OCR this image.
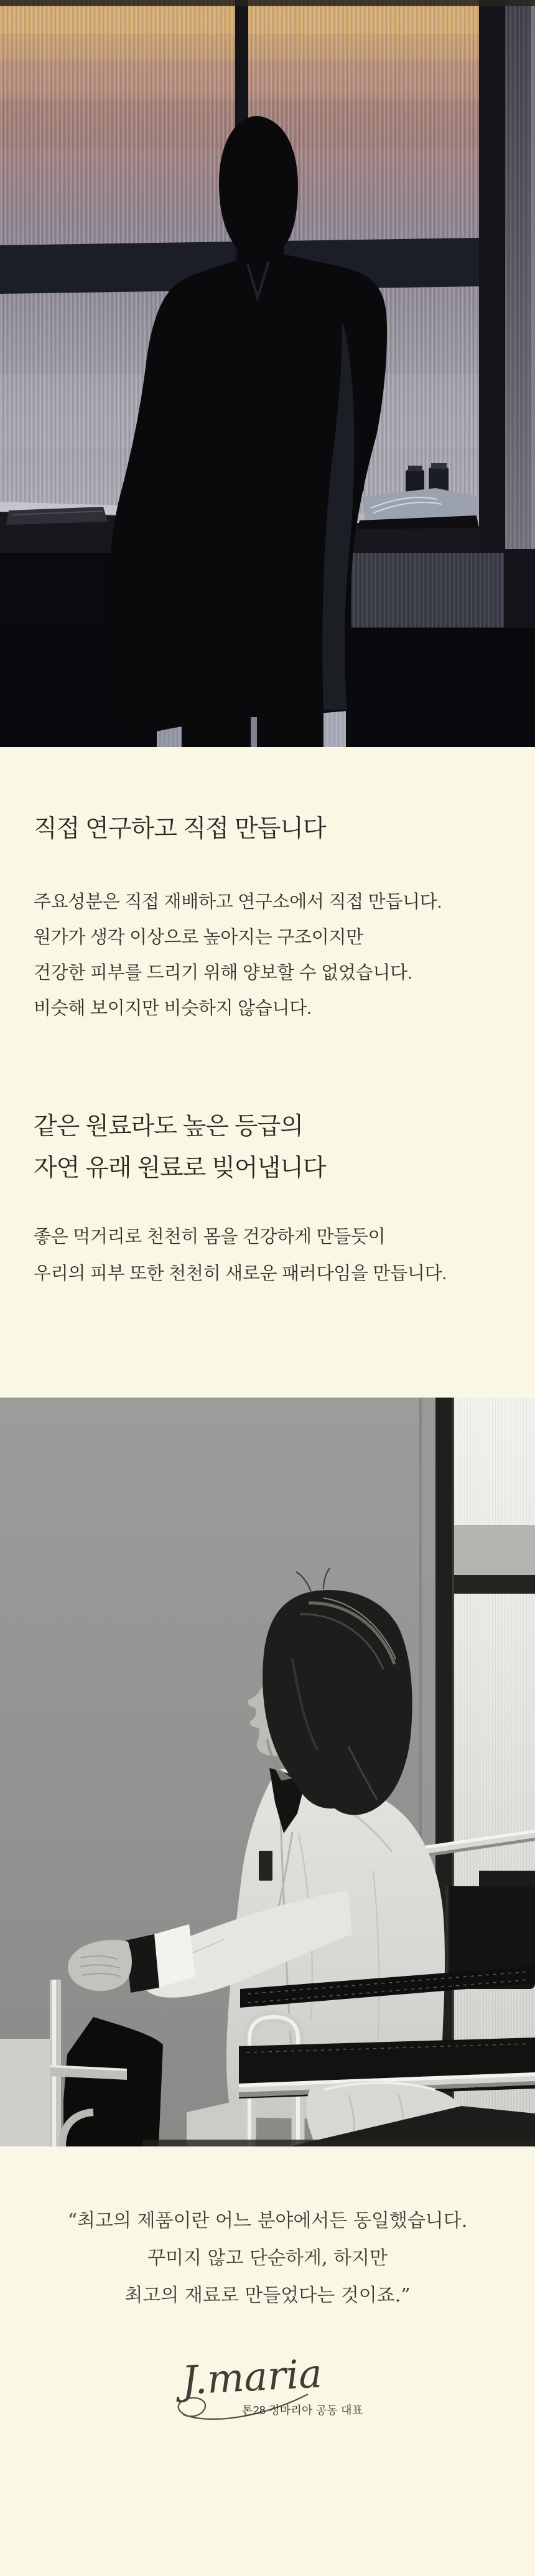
직접 연구하고 직접 만듭니다
주요성분은 직접 재배하고 연구소에서 직접 만듭니다.
원가가 생각 이상으로 높아지는 구조이지만
건강한 피부를 드리기 위해 양보할 수 없었습니다.
비슷해 보이지만 비슷하지 않습니다.
같은 원료라도 높은 등급의
자연 유래 원료로 빚어냅니다
좋은 먹거리로 천천히 몸을 건강하게 만들듯이
우리의 피부 또한 천천히 새로운 패러다임을 만듭니다.
“최고의 제품이란 어느 분야에서든 동일했습니다.
꾸미지 않고 단순하게, 하지만
최고의 재료로 만들었다는 것이죠.”
J.maria

톤28 정마리아 공동 대표
